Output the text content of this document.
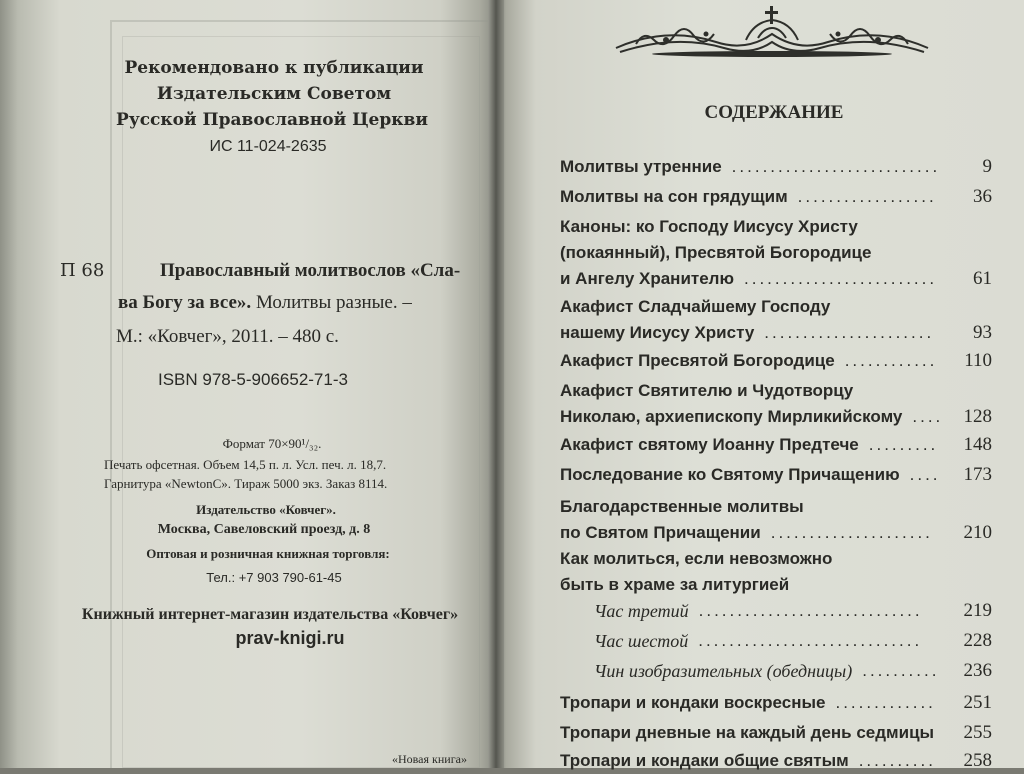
Рекомендовано к публикации
Издательским Советом
Русской Православной Церкви
ИС 11-024-2635
П 68	Православный молитвослов «Сла-
ва Богу за все». Молитвы разные. –
М.: «Ковчег», 2011. – 480 с.
ISBN 978-5-906652-71-3
Формат 70×90¹/₃₂.
Печать офсетная. Объем 14,5 п. л. Усл. печ. л. 18,7.
Гарнитура «NewtonC». Тираж 5000 экз. Заказ 8114.
Издательство «Ковчег».
Москва, Савеловский проезд, д. 8
Оптовая и розничная книжная торговля:
Тел.: +7 903 790-61-45
Книжный интернет-магазин издательства «Ковчег»
prav-knigi.ru
«Новая книга»
СОДЕРЖАНИЕ
Молитвы утренние ........................... 9
Молитвы на сон грядущим .................. 36
Каноны: ко Господу Иисусу Христу
(покаянный), Пресвятой Богородице
и Ангелу Хранителю ......................... 61
Акафист Сладчайшему Господу
нашему Иисусу Христу ...................... 93
Акафист Пресвятой Богородице ............ 110
Акафист Святителю и Чудотворцу
Николаю, архиепископу Мирликийскому .... 128
Акафист святому Иоанну Предтече ......... 148
Последование ко Святому Причащению .... 173
Благодарственные молитвы
по Святом Причащении ..................... 210
Как молиться, если невозможно
быть в храме за литургией
Час третий ............................. 219
Час шестой ............................. 228
Чин изобразительных (обедницы) .......... 236
Тропари и кондаки воскресные ............. 251
Тропари дневные на каждый день седмицы 255
Тропари и кондаки общие святым .......... 258
